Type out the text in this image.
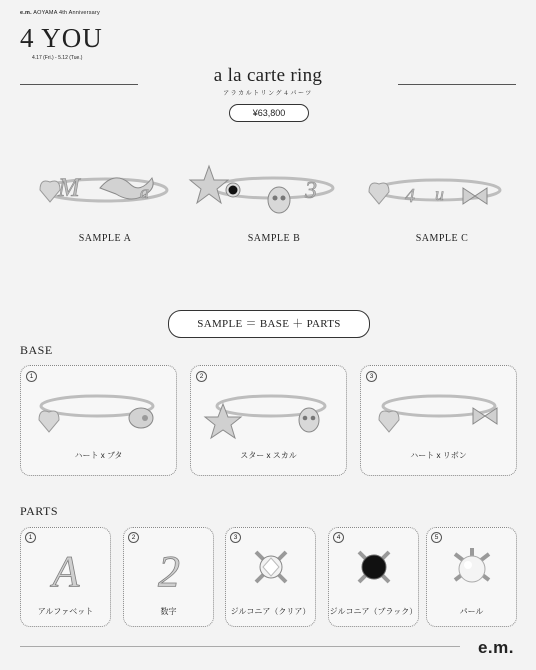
e.m. AOYAMA 4th Anniversary
4 YOU
4.17 (Fri.) - 5.12 (Tue.)
a la carte ring
アラカルトリング４パーツ
¥63,800
M	a
SAMPLE A
3
SAMPLE B
4 u
SAMPLE C
SAMPLE ＝ BASE ＋ PARTS
BASE
1
ハート x ブタ
2
スター x スカル
3
ハート x リボン
PARTS
1
A
アルファベット
2
2
数字
3
ジルコニア（クリア）
4
ジルコニア（ブラック）
5
パール
e.m.
